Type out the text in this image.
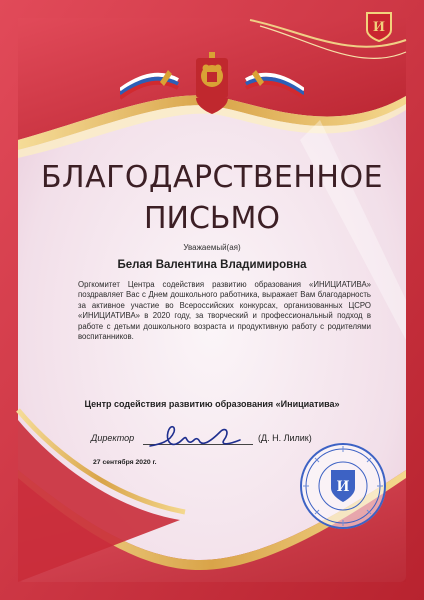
И
БЛАГОДАРСТВЕННОЕ
ПИСЬМО
Уважаемый(ая)
Белая Валентина Владимировна
Оргкомитет Центра содействия развитию образования «ИНИЦИАТИВА» поздравляет Вас с Днем дошкольного работника, выражает Вам благодарность за активное участие во Всероссийских конкурсах, организованных ЦСРО «ИНИЦИАТИВА» в 2020 году, за творческий и профессиональный подход в работе с детьми дошкольного возраста и продуктивную работу с родителями воспитанников.
Центр содействия развитию образования «Инициатива»
Директор	(Д. Н. Лилик)
27 сентября 2020 г.
И
